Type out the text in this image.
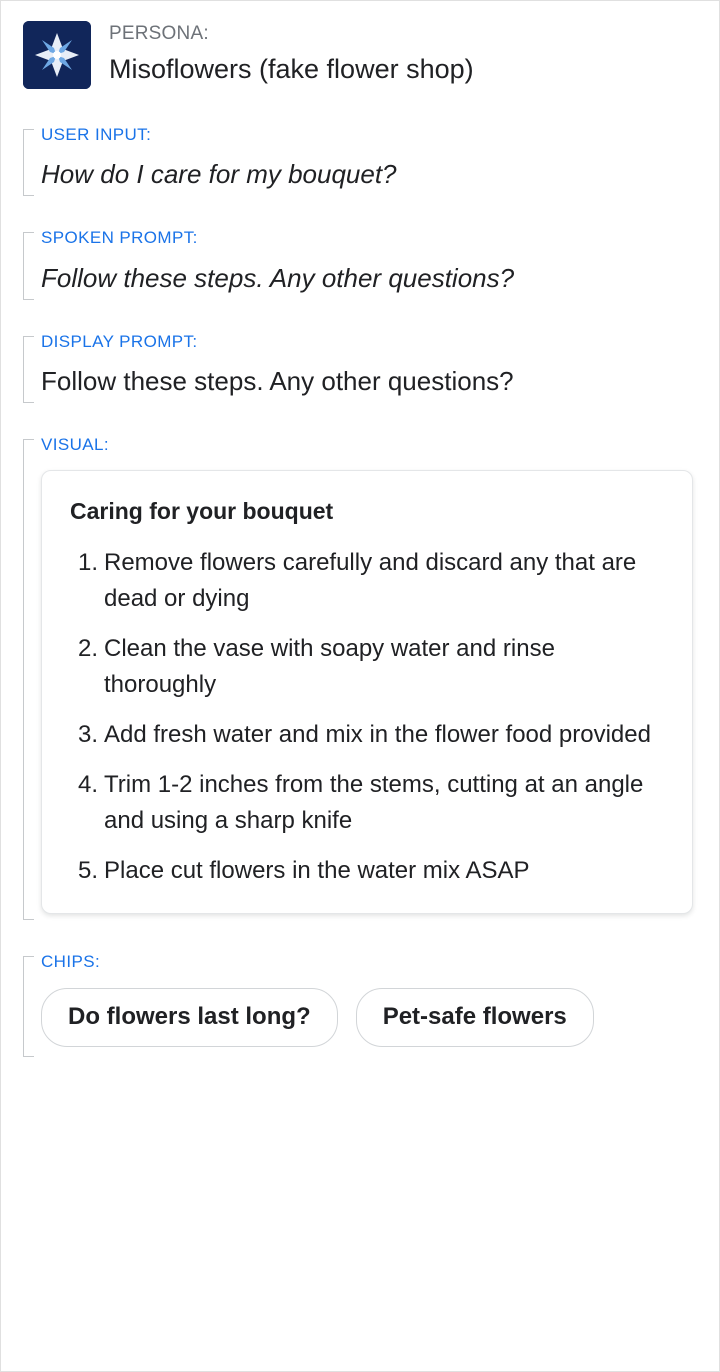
PERSONA:
Misoflowers (fake flower shop)
USER INPUT:
How do I care for my bouquet?
SPOKEN PROMPT:
Follow these steps. Any other questions?
DISPLAY PROMPT:
Follow these steps. Any other questions?
VISUAL:
Caring for your bouquet
Remove flowers carefully and discard any that are dead or dying
Clean the vase with soapy water and rinse thoroughly
Add fresh water and mix in the flower food provided
Trim 1-2 inches from the stems, cutting at an angle and using a sharp knife
Place cut flowers in the water mix ASAP
CHIPS:
Do flowers last long?	Pet-safe flowers
